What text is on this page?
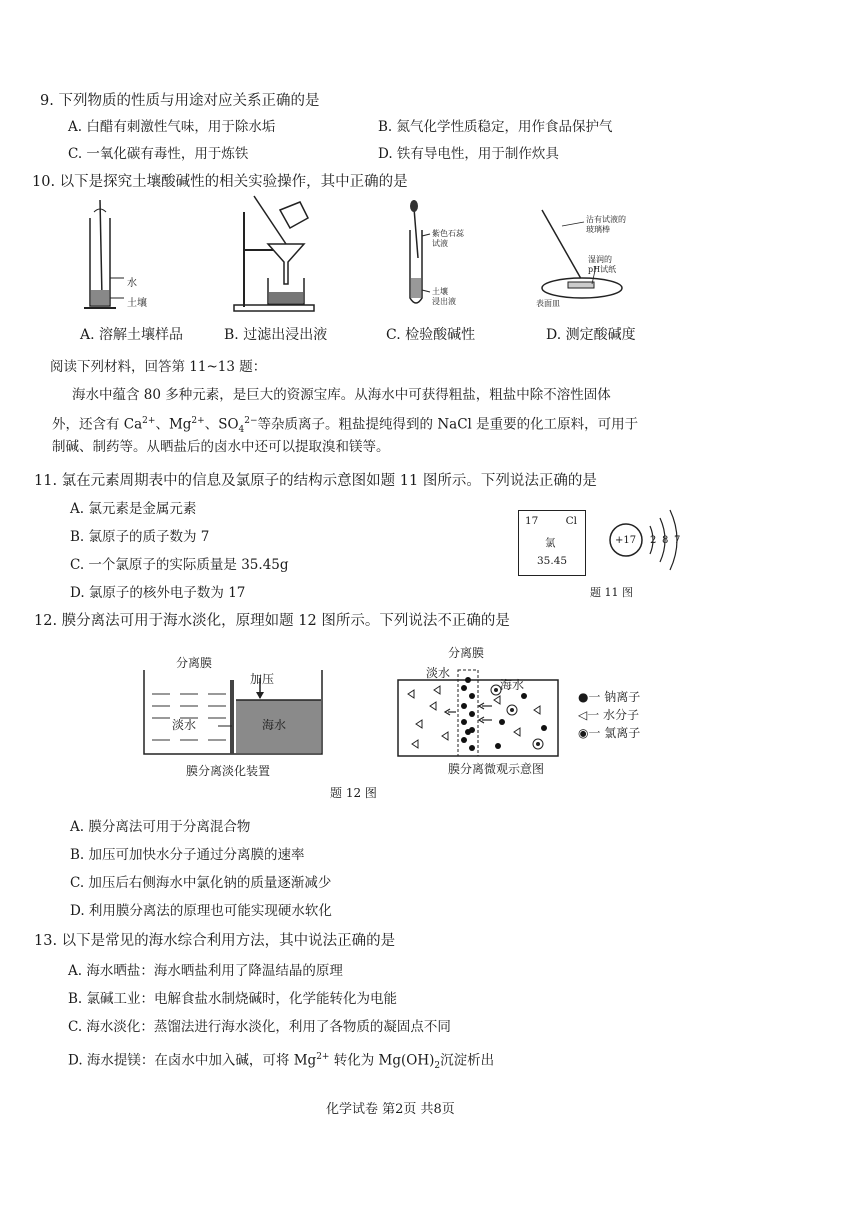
9. 下列物质的性质与用途对应关系正确的是
A. 白醋有刺激性气味，用于除水垢	B. 氮气化学性质稳定，用作食品保护气
C. 一氧化碳有毒性，用于炼铁	D. 铁有导电性，用于制作炊具
10. 以下是探究土壤酸碱性的相关实验操作，其中正确的是
水
土壤
紫色石蕊
试液
土壤
浸出液
沾有试液的
玻璃棒
湿润的
pH试纸
表面皿
A. 溶解土壤样品	B. 过滤出浸出液	C. 检验酸碱性	D. 测定酸碱度
阅读下列材料，回答第 11~13 题：
海水中蕴含 80 多种元素，是巨大的资源宝库。从海水中可获得粗盐，粗盐中除不溶性固体
外，还含有 $Ca^{2+}$、$Mg^{2+}$、$SO_4^{2-}$等杂质离子。粗盐提纯得到的 NaCl 是重要的化工原料，可用于
制碱、制药等。从晒盐后的卤水中还可以提取溴和镁等。
11. 氯在元素周期表中的信息及氯原子的结构示意图如题 11 图所示。下列说法正确的是
A. 氯元素是金属元素
B. 氯原子的质子数为 7
C. 一个氯原子的实际质量是 35.45g
D. 氯原子的核外电子数为 17
17	Cl
氯
35.45
+17 2 8 7
题 11 图
12. 膜分离法可用于海水淡化，原理如题 12 图所示。下列说法不正确的是
分离膜
加压
淡水	海水
膜分离淡化装置
分离膜
淡水
海水
膜分离微观示意图
●一 钠离子
◁一 水分子
◉一 氯离子
题 12 图
A. 膜分离法可用于分离混合物
B. 加压可加快水分子通过分离膜的速率
C. 加压后右侧海水中氯化钠的质量逐渐减少
D. 利用膜分离法的原理也可能实现硬水软化
13. 以下是常见的海水综合利用方法，其中说法正确的是
A. 海水晒盐：海水晒盐利用了降温结晶的原理
B. 氯碱工业：电解食盐水制烧碱时，化学能转化为电能
C. 海水淡化：蒸馏法进行海水淡化，利用了各物质的凝固点不同
D. 海水提镁：在卤水中加入碱，可将 $Mg^{2+}$ 转化为 $Mg(OH)_2$沉淀析出
化学试卷 第2页 共8页
